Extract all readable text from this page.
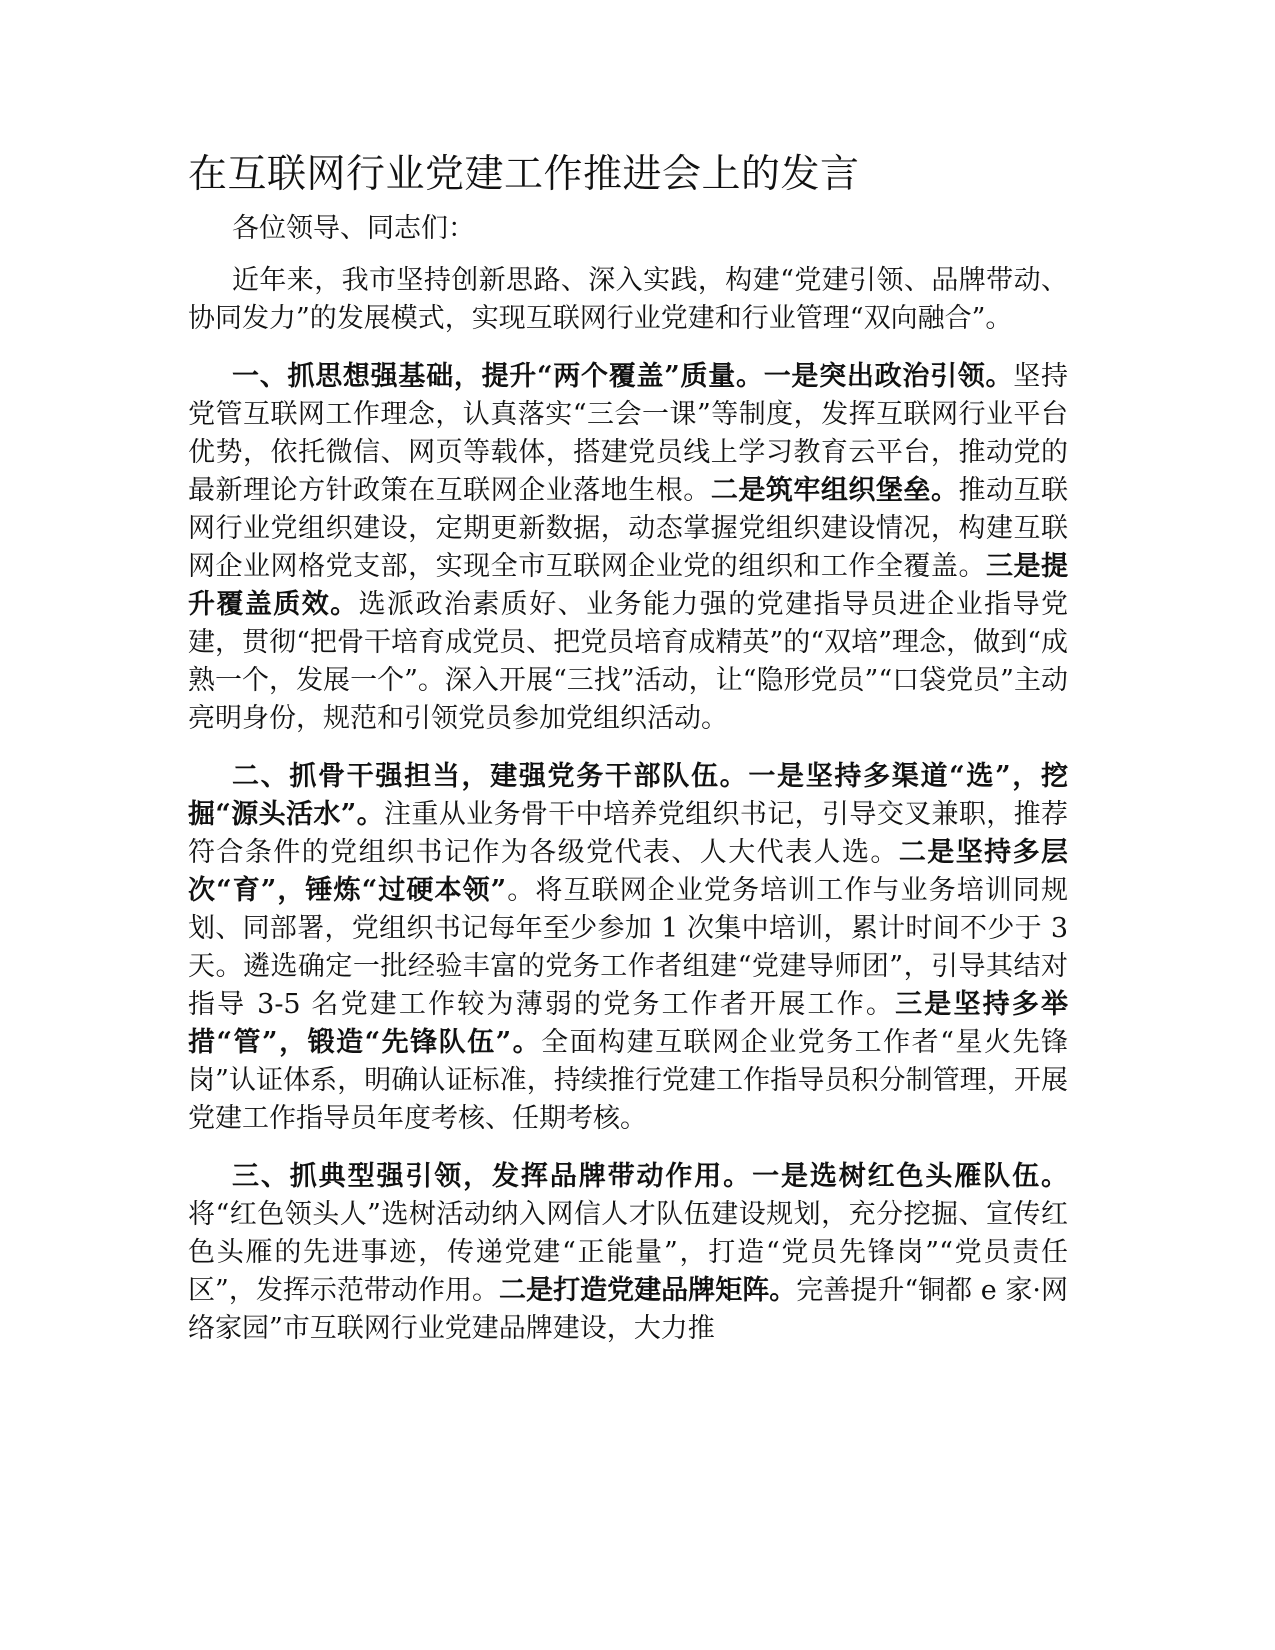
在互联网行业党建工作推进会上的发言

各位领导、同志们：

近年来，我市坚持创新思路、深入实践，构建“党建引领、品牌带动、协同发力”的发展模式，实现互联网行业党建和行业管理“双向融合”。

一、抓思想强基础，提升“两个覆盖”质量。一是突出政治引领。坚持党管互联网工作理念，认真落实“三会一课”等制度，发挥互联网行业平台优势，依托微信、网页等载体，搭建党员线上学习教育云平台，推动党的最新理论方针政策在互联网企业落地生根。二是筑牢组织堡垒。推动互联网行业党组织建设，定期更新数据，动态掌握党组织建设情况，构建互联网企业网格党支部，实现全市互联网企业党的组织和工作全覆盖。三是提升覆盖质效。选派政治素质好、业务能力强的党建指导员进企业指导党建，贯彻“把骨干培育成党员、把党员培育成精英”的“双培”理念，做到“成熟一个，发展一个”。深入开展“三找”活动，让“隐形党员”“口袋党员”主动亮明身份，规范和引领党员参加党组织活动。

二、抓骨干强担当，建强党务干部队伍。一是坚持多渠道“选”，挖掘“源头活水”。注重从业务骨干中培养党组织书记，引导交叉兼职，推荐符合条件的党组织书记作为各级党代表、人大代表人选。二是坚持多层次“育”，锤炼“过硬本领”。将互联网企业党务培训工作与业务培训同规划、同部署，党组织书记每年至少参加 1 次集中培训，累计时间不少于 3 天。遴选确定一批经验丰富的党务工作者组建“党建导师团”，引导其结对指导 3-5 名党建工作较为薄弱的党务工作者开展工作。三是坚持多举措“管”，锻造“先锋队伍”。全面构建互联网企业党务工作者“星火先锋岗”认证体系，明确认证标准，持续推行党建工作指导员积分制管理，开展党建工作指导员年度考核、任期考核。

三、抓典型强引领，发挥品牌带动作用。一是选树红色头雁队伍。将“红色领头人”选树活动纳入网信人才队伍建设规划，充分挖掘、宣传红色头雁的先进事迹，传递党建“正能量”，打造“党员先锋岗”“党员责任区”，发挥示范带动作用。二是打造党建品牌矩阵。完善提升“铜都 e 家·网络家园”市互联网行业党建品牌建设，大力推
